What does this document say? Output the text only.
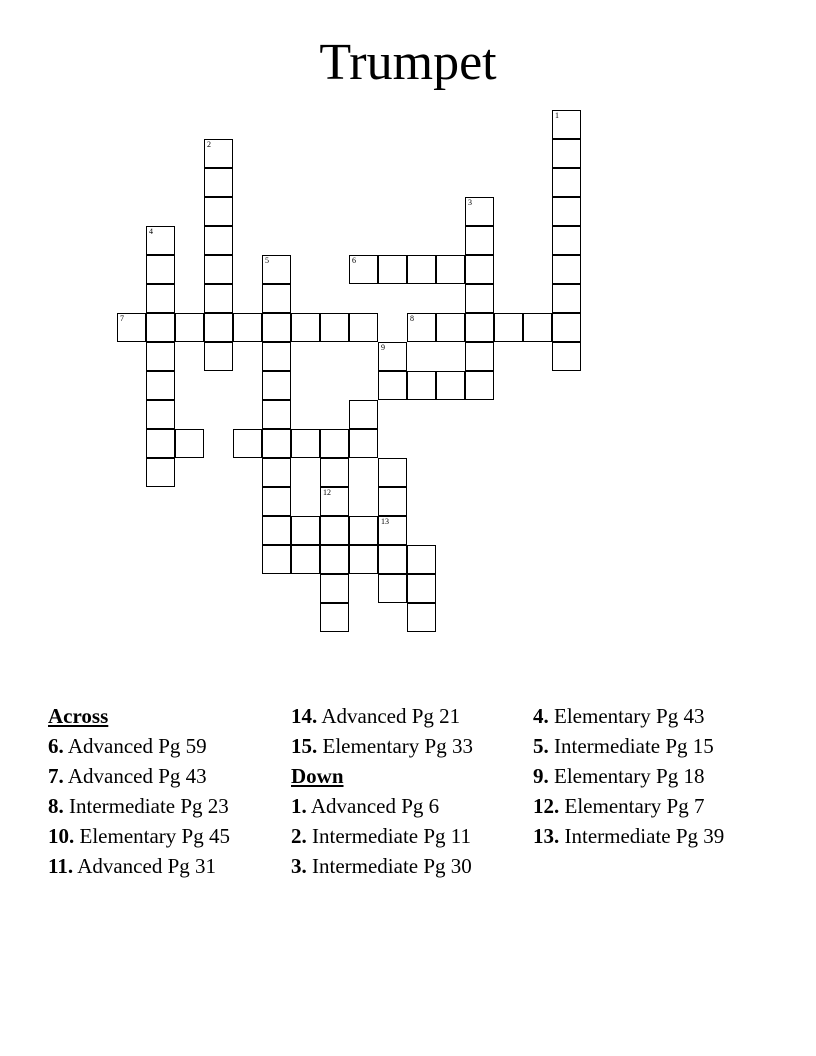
Trumpet
1
2
3
4
5	6
7	8
9
12
13
Across
6. Advanced Pg 59
7. Advanced Pg 43
8. Intermediate Pg 23
10. Elementary Pg 45
11. Advanced Pg 31
14. Advanced Pg 21
15. Elementary Pg 33
Down
1. Advanced Pg 6
2. Intermediate Pg 11
3. Intermediate Pg 30
4. Elementary Pg 43
5. Intermediate Pg 15
9. Elementary Pg 18
12. Elementary Pg 7
13. Intermediate Pg 39
